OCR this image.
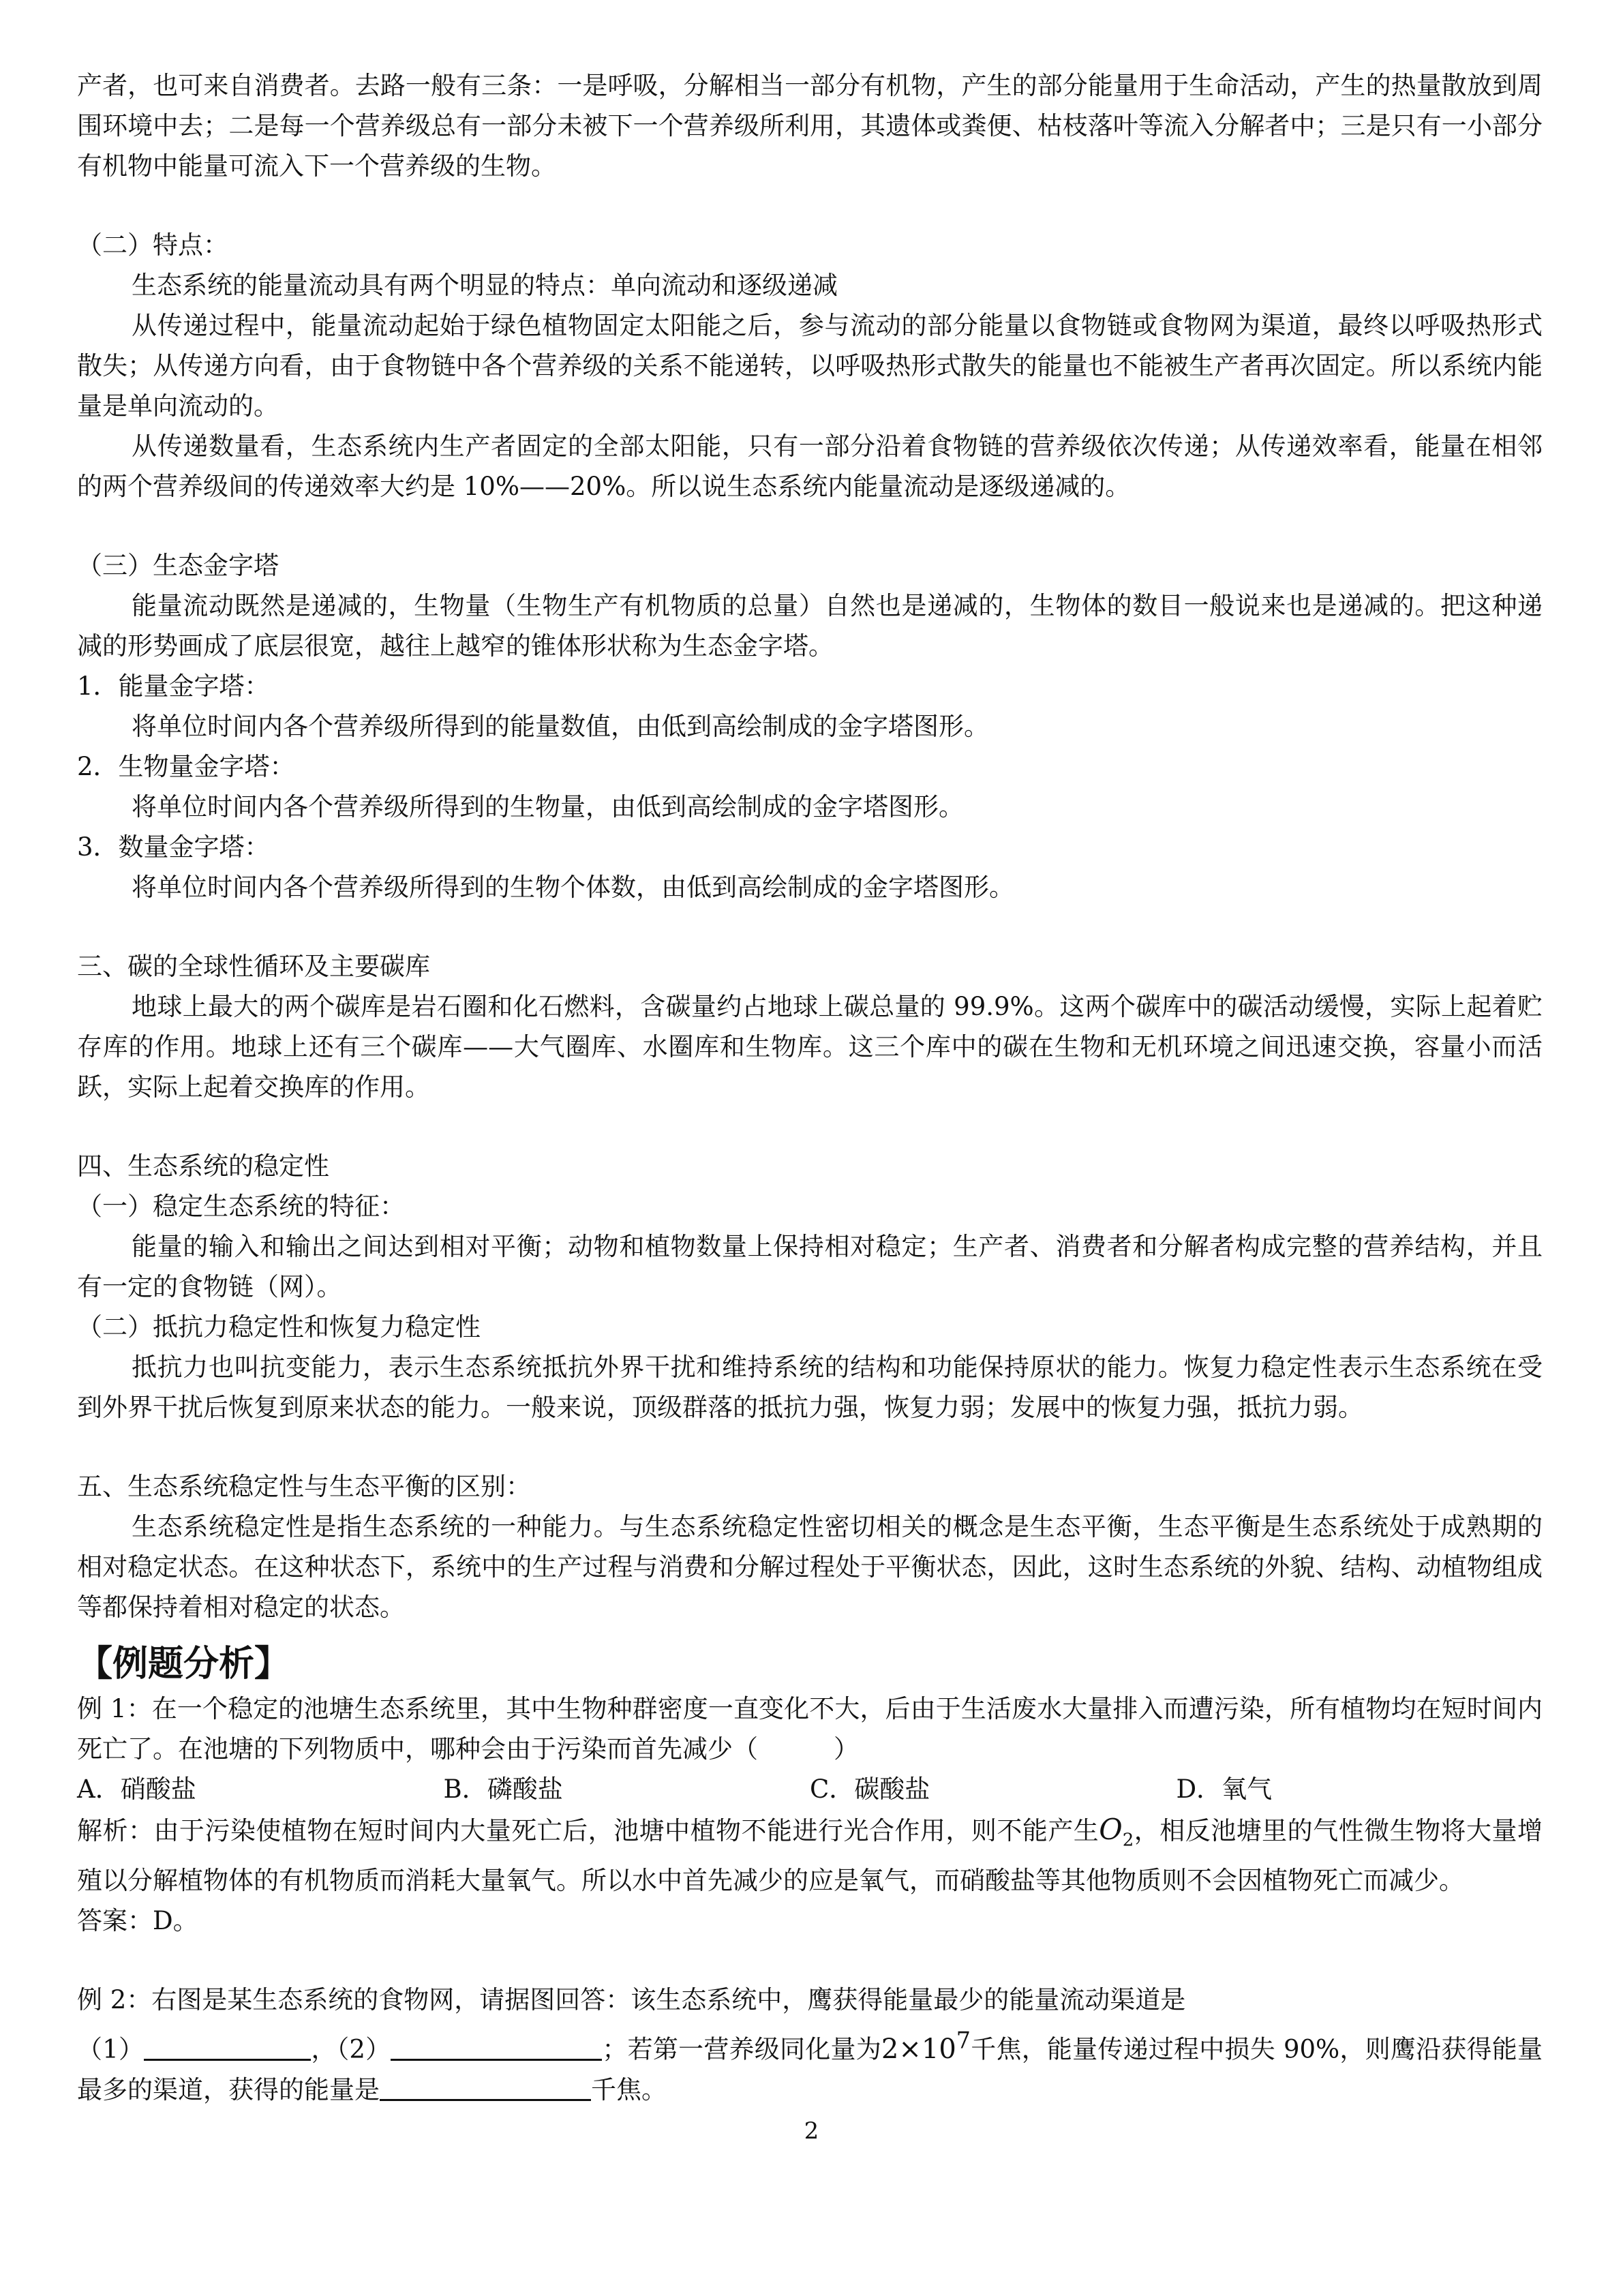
产者，也可来自消费者。去路一般有三条：一是呼吸，分解相当一部分有机物，产生的部分能量用于生命活动，产生的热量散放到周围环境中去；二是每一个营养级总有一部分未被下一个营养级所利用，其遗体或粪便、枯枝落叶等流入分解者中；三是只有一小部分有机物中能量可流入下一个营养级的生物。

（二）特点：

生态系统的能量流动具有两个明显的特点：单向流动和逐级递减

从传递过程中，能量流动起始于绿色植物固定太阳能之后，参与流动的部分能量以食物链或食物网为渠道，最终以呼吸热形式散失；从传递方向看，由于食物链中各个营养级的关系不能递转，以呼吸热形式散失的能量也不能被生产者再次固定。所以系统内能量是单向流动的。

从传递数量看，生态系统内生产者固定的全部太阳能，只有一部分沿着食物链的营养级依次传递；从传递效率看，能量在相邻的两个营养级间的传递效率大约是 10%——20%。所以说生态系统内能量流动是逐级递减的。

（三）生态金字塔

能量流动既然是递减的，生物量（生物生产有机物质的总量）自然也是递减的，生物体的数目一般说来也是递减的。把这种递减的形势画成了底层很宽，越往上越窄的锥体形状称为生态金字塔。

1．能量金字塔：

将单位时间内各个营养级所得到的能量数值，由低到高绘制成的金字塔图形。

2．生物量金字塔：

将单位时间内各个营养级所得到的生物量，由低到高绘制成的金字塔图形。

3．数量金字塔：

将单位时间内各个营养级所得到的生物个体数，由低到高绘制成的金字塔图形。

三、碳的全球性循环及主要碳库

地球上最大的两个碳库是岩石圈和化石燃料，含碳量约占地球上碳总量的 99.9%。这两个碳库中的碳活动缓慢，实际上起着贮存库的作用。地球上还有三个碳库——大气圈库、水圈库和生物库。这三个库中的碳在生物和无机环境之间迅速交换，容量小而活跃，实际上起着交换库的作用。

四、生态系统的稳定性

（一）稳定生态系统的特征：

能量的输入和输出之间达到相对平衡；动物和植物数量上保持相对稳定；生产者、消费者和分解者构成完整的营养结构，并且有一定的食物链（网）。

（二）抵抗力稳定性和恢复力稳定性

抵抗力也叫抗变能力，表示生态系统抵抗外界干扰和维持系统的结构和功能保持原状的能力。恢复力稳定性表示生态系统在受到外界干扰后恢复到原来状态的能力。一般来说，顶级群落的抵抗力强，恢复力弱；发展中的恢复力强，抵抗力弱。

五、生态系统稳定性与生态平衡的区别：

生态系统稳定性是指生态系统的一种能力。与生态系统稳定性密切相关的概念是生态平衡，生态平衡是生态系统处于成熟期的相对稳定状态。在这种状态下，系统中的生产过程与消费和分解过程处于平衡状态，因此，这时生态系统的外貌、结构、动植物组成等都保持着相对稳定的状态。

【例题分析】

例 1：在一个稳定的池塘生态系统里，其中生物种群密度一直变化不大，后由于生活废水大量排入而遭污染，所有植物均在短时间内死亡了。在池塘的下列物质中，哪种会由于污染而首先减少（　　　）

A．硝酸盐	B．磷酸盐	C．碳酸盐	D．氧气

解析：由于污染使植物在短时间内大量死亡后，池塘中植物不能进行光合作用，则不能产生$O_2$，相反池塘里的气性微生物将大量增殖以分解植物体的有机物质而消耗大量氧气。所以水中首先减少的应是氧气，而硝酸盐等其他物质则不会因植物死亡而减少。

答案：D。

例 2：右图是某生态系统的食物网，请据图回答：该生态系统中，鹰获得能量最少的能量流动渠道是

（1）	，（2）	；若第一营养级同化量为$2\times 10^7$千焦，能量传递过程中损失 90%，则鹰沿获得能量最多的渠道，获得的能量是	千焦。

2
